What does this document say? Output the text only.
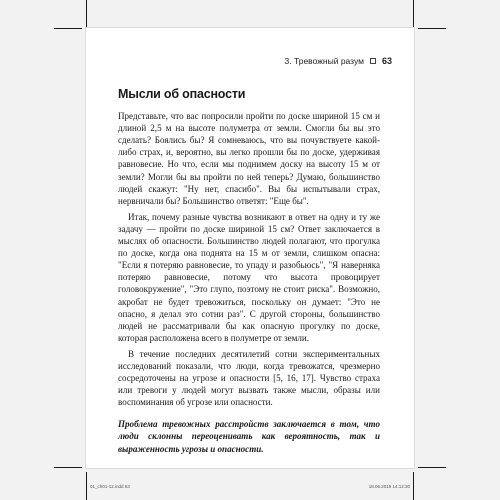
3. Тревожный разум 63
Мысли об опасности

Представьте, что вас попросили пройти по доске шириной 15 см и длиной 2,5 м на высоте полуметра от земли. Смогли бы вы это сделать? Боялись бы? Я сомневаюсь, что вы почувствуете какой-либо страх, и, вероятно, вы легко прошли бы по доске, удерживая равновесие. Но что, если мы поднимем доску на высоту 15 м от земли? Могли бы вы пройти по ней теперь? Думаю, большинство людей скажут: "Ну нет, спасибо". Вы бы испытывали страх, нервничали бы? Большинство ответят: "Еще бы".

Итак, почему разные чувства возникают в ответ на одну и ту же задачу — пройти по доске шириной 15 см? Ответ заключается в мыслях об опасности. Большинство людей полагают, что прогулка по доске, когда она поднята на 15 м от земли, слишком опасна: "Если я потеряю равновесие, то упаду и разобьюсь", "Я наверняка потеряю равновесие, потому что высота провоцирует головокружение", "Это глупо, поэтому не стоит риска". Возможно, акробат не будет тревожиться, поскольку он думает: "Это не опасно, я делал это сотни раз". С другой стороны, большинство людей не рассматривали бы как опасную прогулку по доске, которая расположена всего в полуметре от земли.

В течение последних десятилетий сотни экспериментальных исследований показали, что люди, когда тревожатся, чрезмерно сосредоточены на угрозе и опасности [5, 16, 17]. Чувство страха или тревоги у людей могут вызвать также мысли, образы или воспоминания об угрозе или опасности.

Проблема тревожных расстройств заключается в том, что люди склонны переоценивать как вероятность, так и выраженность угрозы и опасности.

01_ch01-12.indd 63	18.06.2019 14:12:30
